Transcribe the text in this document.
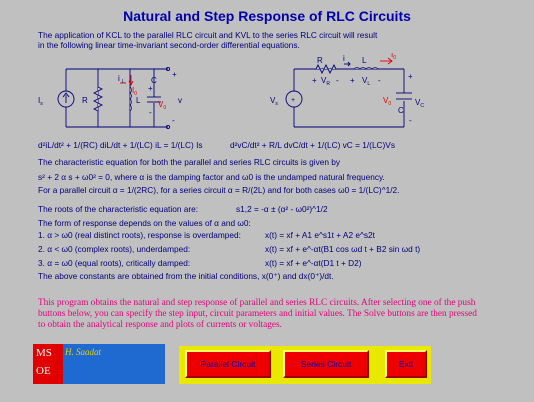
Natural and Step Response of RLC Circuits
The application of KCL to the parallel RLC circuit and KVL to the series RLC circuit will result
in the following linear time-invariant second-order differential equations.
$I_s$	R
i L
L
C
+
-
v
+
-
$I_0$
$V_0$
$V_s$ +
R	i L
+ $V_R$ - + $V_L$ -	+
-
$V_C$
C
$I_0$
$V_0$
d²iL/dt² + 1/(RC) diL/dt + 1/(LC) iL = 1/(LC) Is	d²vC/dt² + R/L dvC/dt + 1/(LC) vC = 1/(LC)Vs
The characteristic equation for both the parallel and series RLC circuits is given by
s² + 2 α s + ω0² = 0, where α is the damping factor and ω0 is the undamped natural frequency.
For a parallel circuit α = 1/(2RC), for a series circuit α = R/(2L) and for both cases ω0 = 1/(LC)^1/2.
The roots of the characteristic equation are:	s1,2 = -α ± (α² - ω0²)^1/2
The form of response depends on the values of α and ω0:
1. α > ω0 (real distinct roots), response is overdamped:	x(t) = xf + A1 e^s1t + A2 e^s2t
2. α < ω0 (complex roots), underdamped:	x(t) = xf + e^-αt(B1 cos ωd t + B2 sin ωd t)
3. α = ω0 (equal roots), critically damped:	x(t) = xf + e^-αt(D1 t + D2)
The above constants are obtained from the initial conditions, x(0⁺) and dx(0⁺)/dt.
This program obtains the natural and step response of parallel and series RLC circuits. After selecting one of the push buttons below, you can specify the step input, circuit parameters and initial values. The Solve buttons are then pressed to obtain the analytical response and plots of currents or voltages.
MS
OE
H. Saadat
Parallel Circuit	Series Circuit	Exit
